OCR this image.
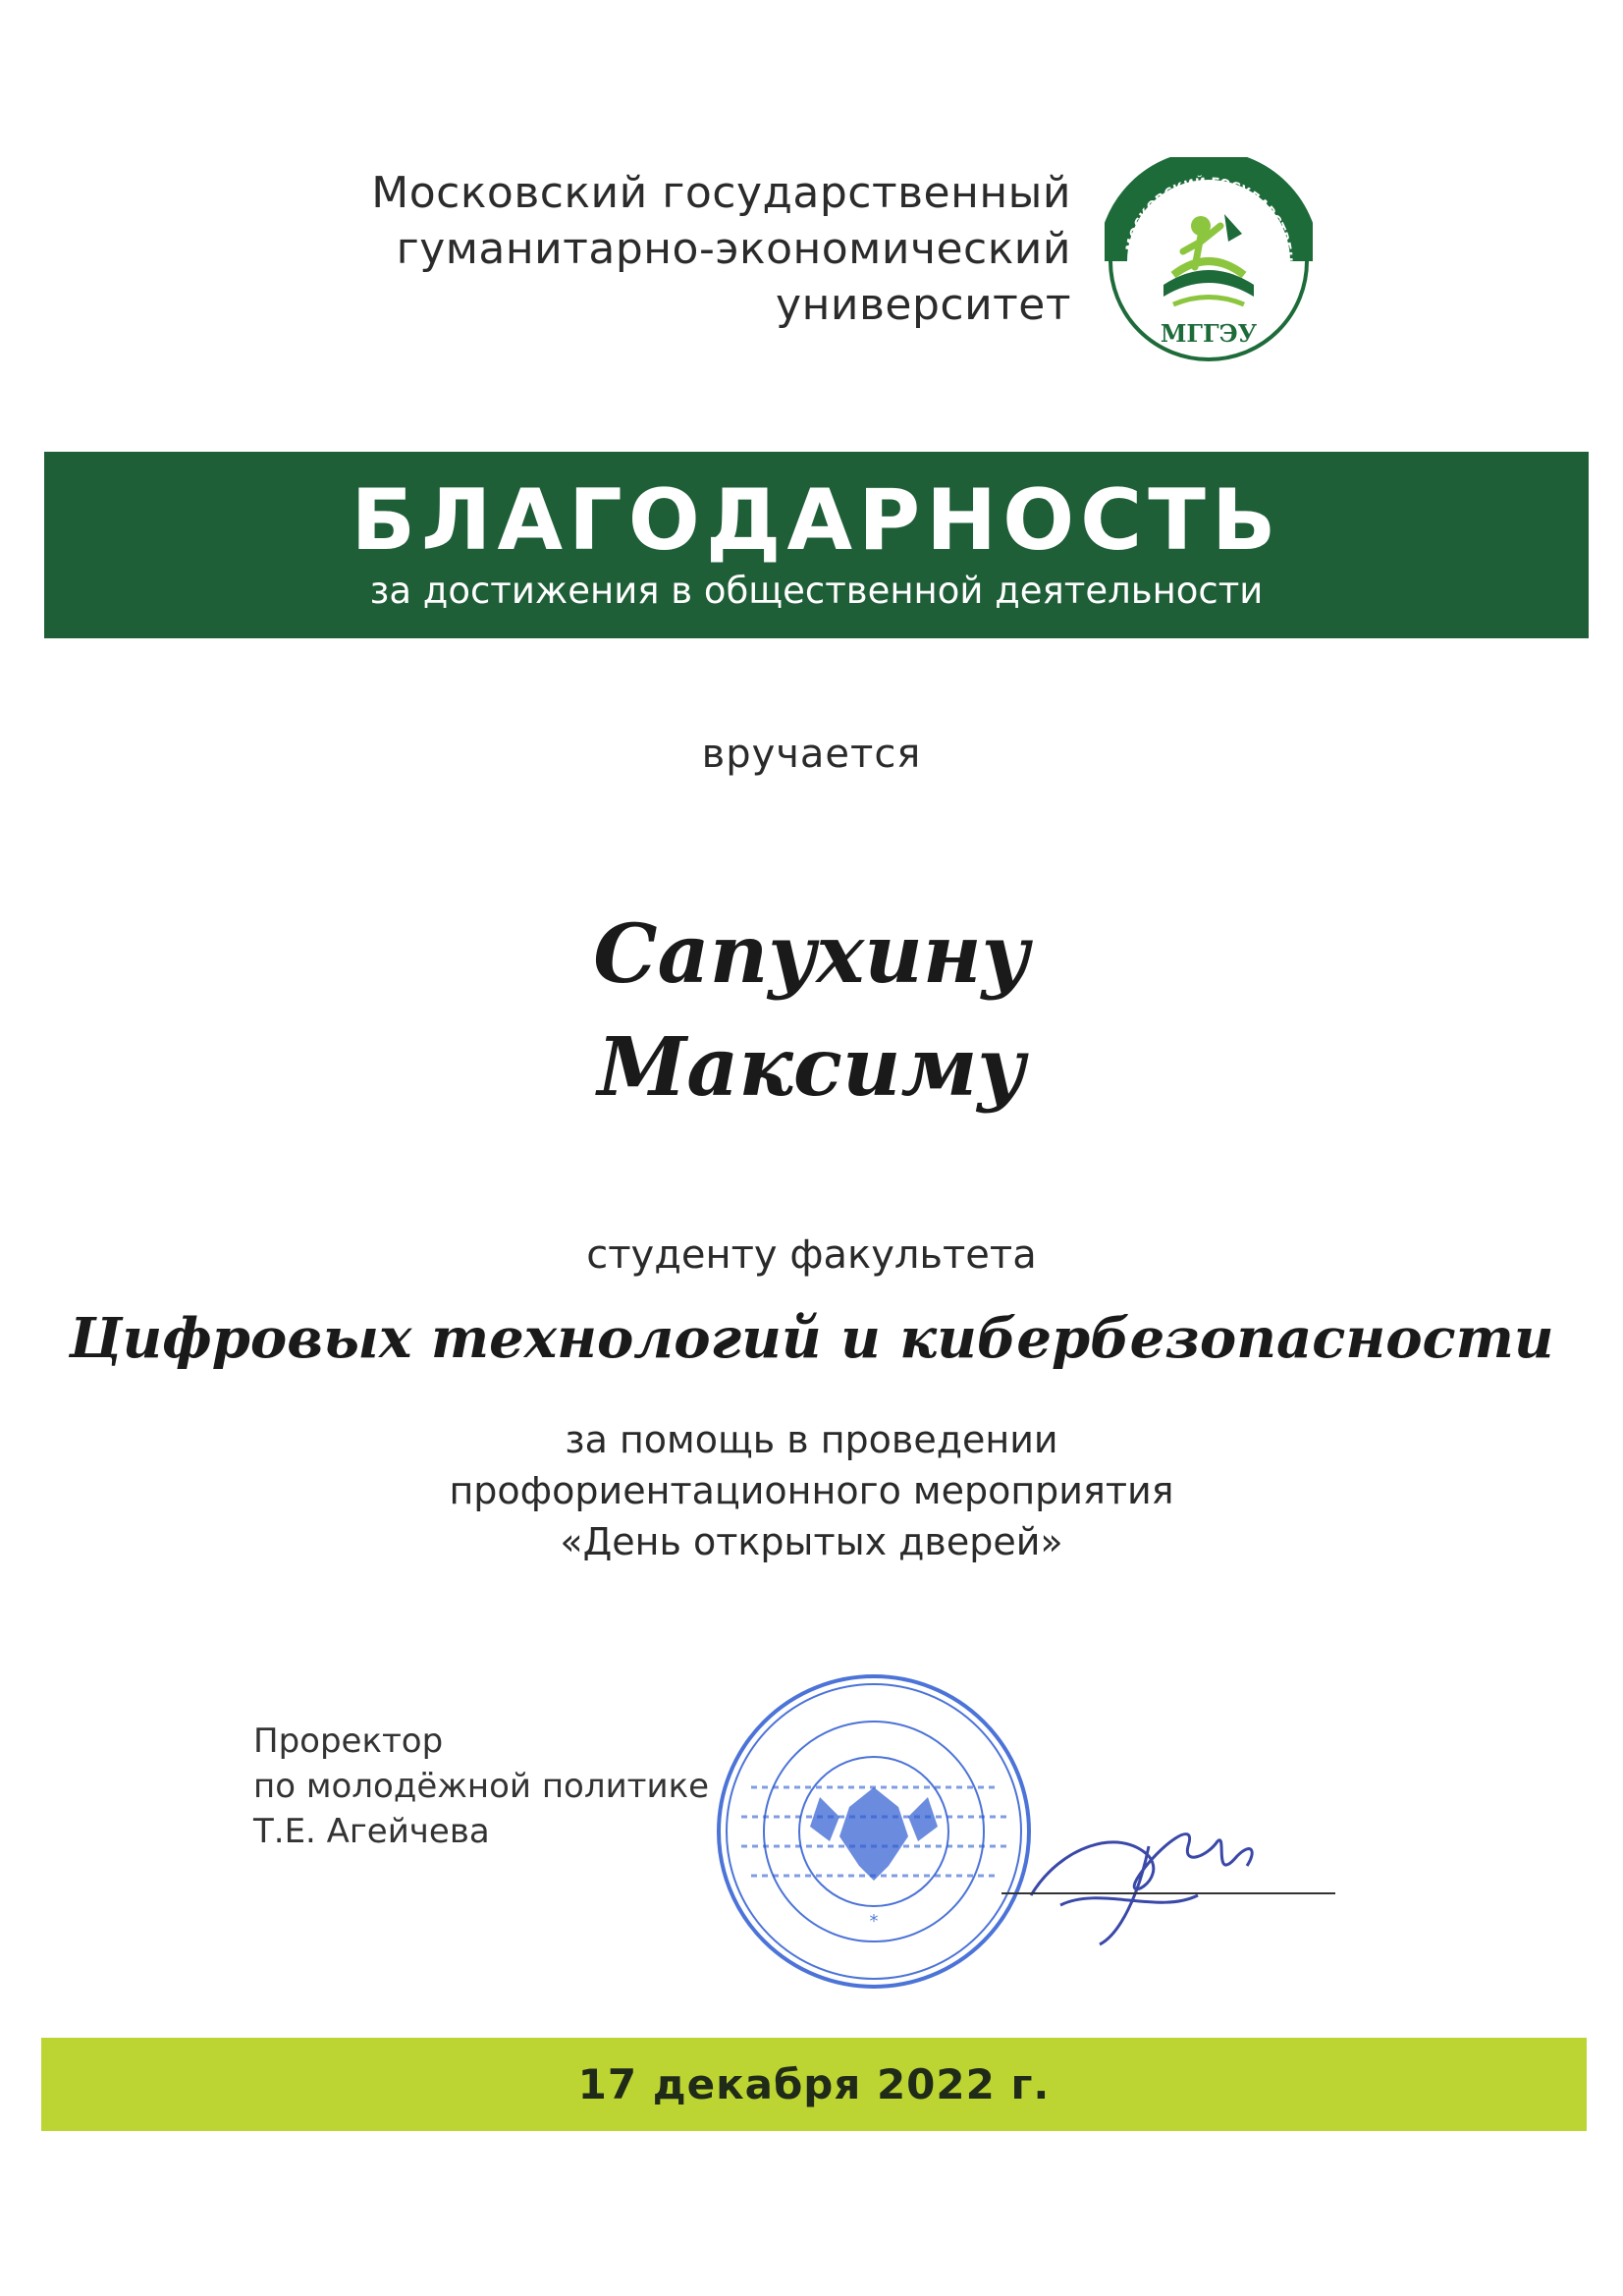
Московский государственный
гуманитарно-экономический
университет
МОСКОВСКИЙ ГОСУДАРСТВЕН
МГГЭУ
БЛАГОДАРНОСТЬ
за достижения в общественной деятельности
вручается
Сапухину
Максиму
студенту факультета
Цифровых технологий и кибербезопасности
за помощь в проведении
профориентационного мероприятия
«День открытых дверей»
Проректор
по молодёжной политике
Т.Е. Агейчева
*
17 декабря 2022 г.
